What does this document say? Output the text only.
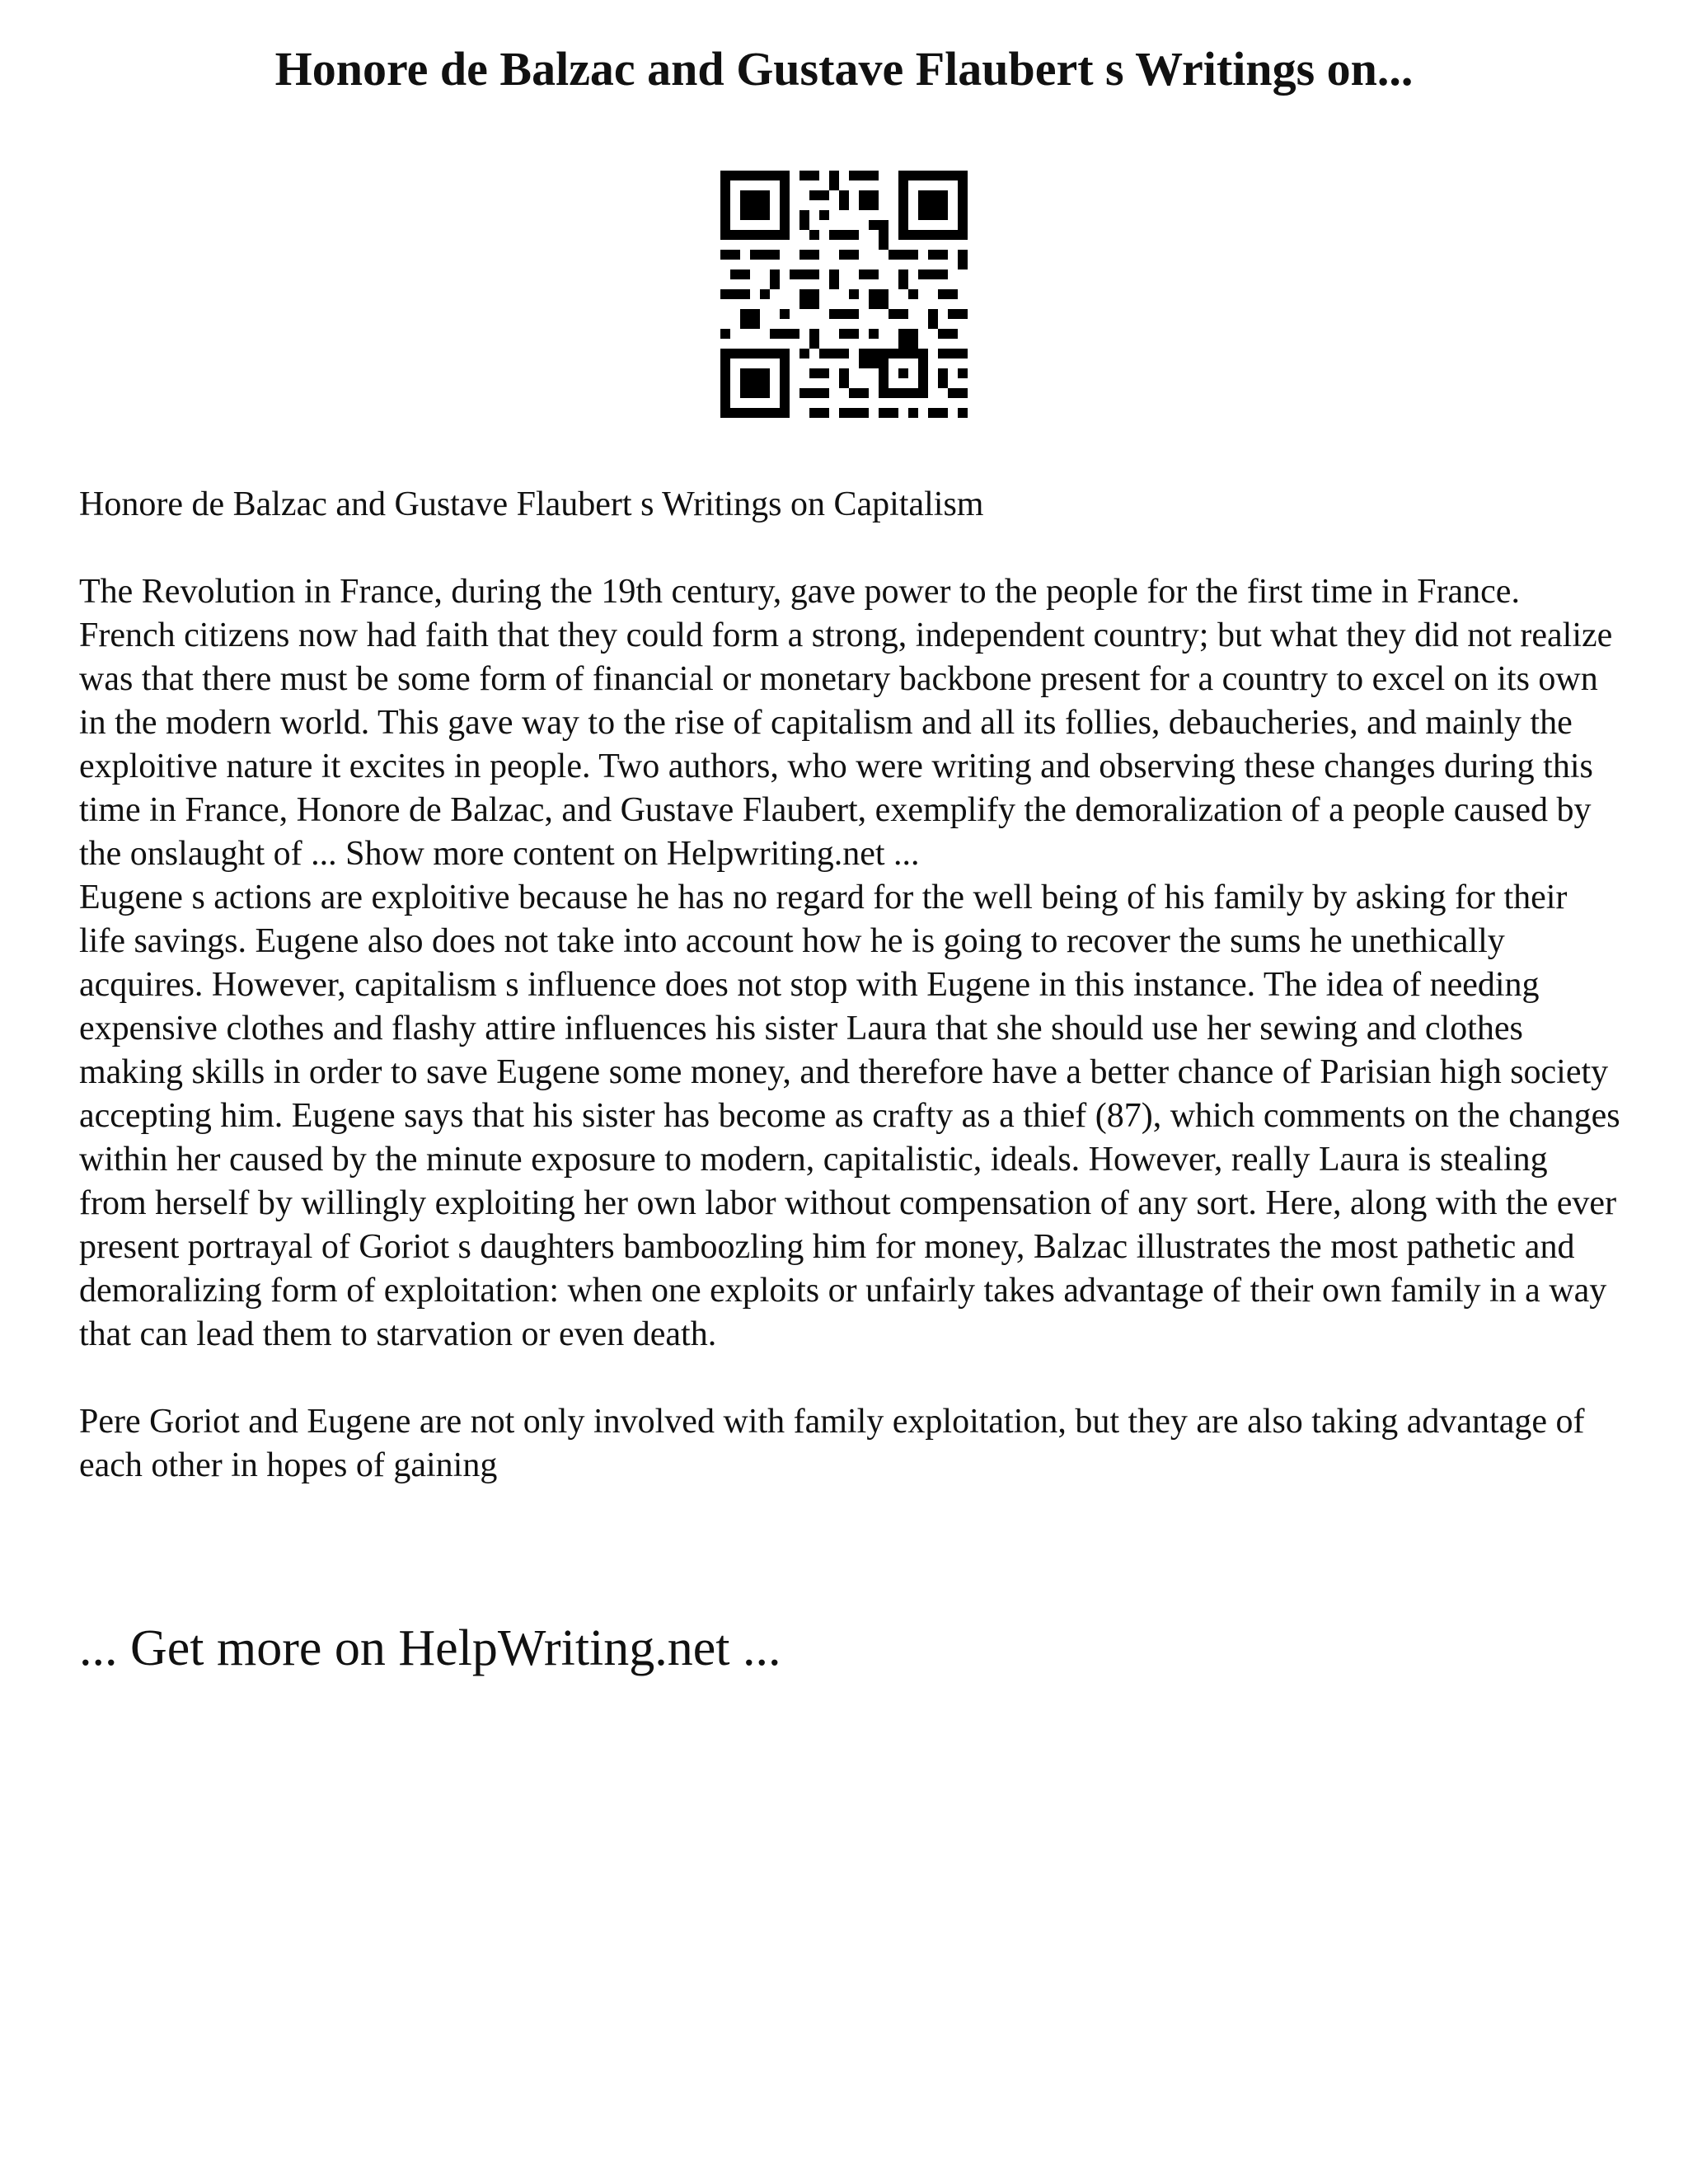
Honore de Balzac and Gustave Flaubert s Writings on...

Honore de Balzac and Gustave Flaubert s Writings on Capitalism

The Revolution in France, during the 19th century, gave power to the people for the first time in France. French citizens now had faith that they could form a strong, independent country; but what they did not realize was that there must be some form of financial or monetary backbone present for a country to excel on its own in the modern world. This gave way to the rise of capitalism and all its follies, debaucheries, and mainly the exploitive nature it excites in people. Two authors, who were writing and observing these changes during this time in France, Honore de Balzac, and Gustave Flaubert, exemplify the demoralization of a people caused by the onslaught of ... Show more content on Helpwriting.net ...

Eugene s actions are exploitive because he has no regard for the well being of his family by asking for their life savings. Eugene also does not take into account how he is going to recover the sums he unethically acquires. However, capitalism s influence does not stop with Eugene in this instance. The idea of needing expensive clothes and flashy attire influences his sister Laura that she should use her sewing and clothes making skills in order to save Eugene some money, and therefore have a better chance of Parisian high society accepting him. Eugene says that his sister has become as crafty as a thief (87), which comments on the changes within her caused by the minute exposure to modern, capitalistic, ideals. However, really Laura is stealing from herself by willingly exploiting her own labor without compensation of any sort. Here, along with the ever present portrayal of Goriot s daughters bamboozling him for money, Balzac illustrates the most pathetic and demoralizing form of exploitation: when one exploits or unfairly takes advantage of their own family in a way that can lead them to starvation or even death.

Pere Goriot and Eugene are not only involved with family exploitation, but they are also taking advantage of each other in hopes of gaining

... Get more on HelpWriting.net ...
